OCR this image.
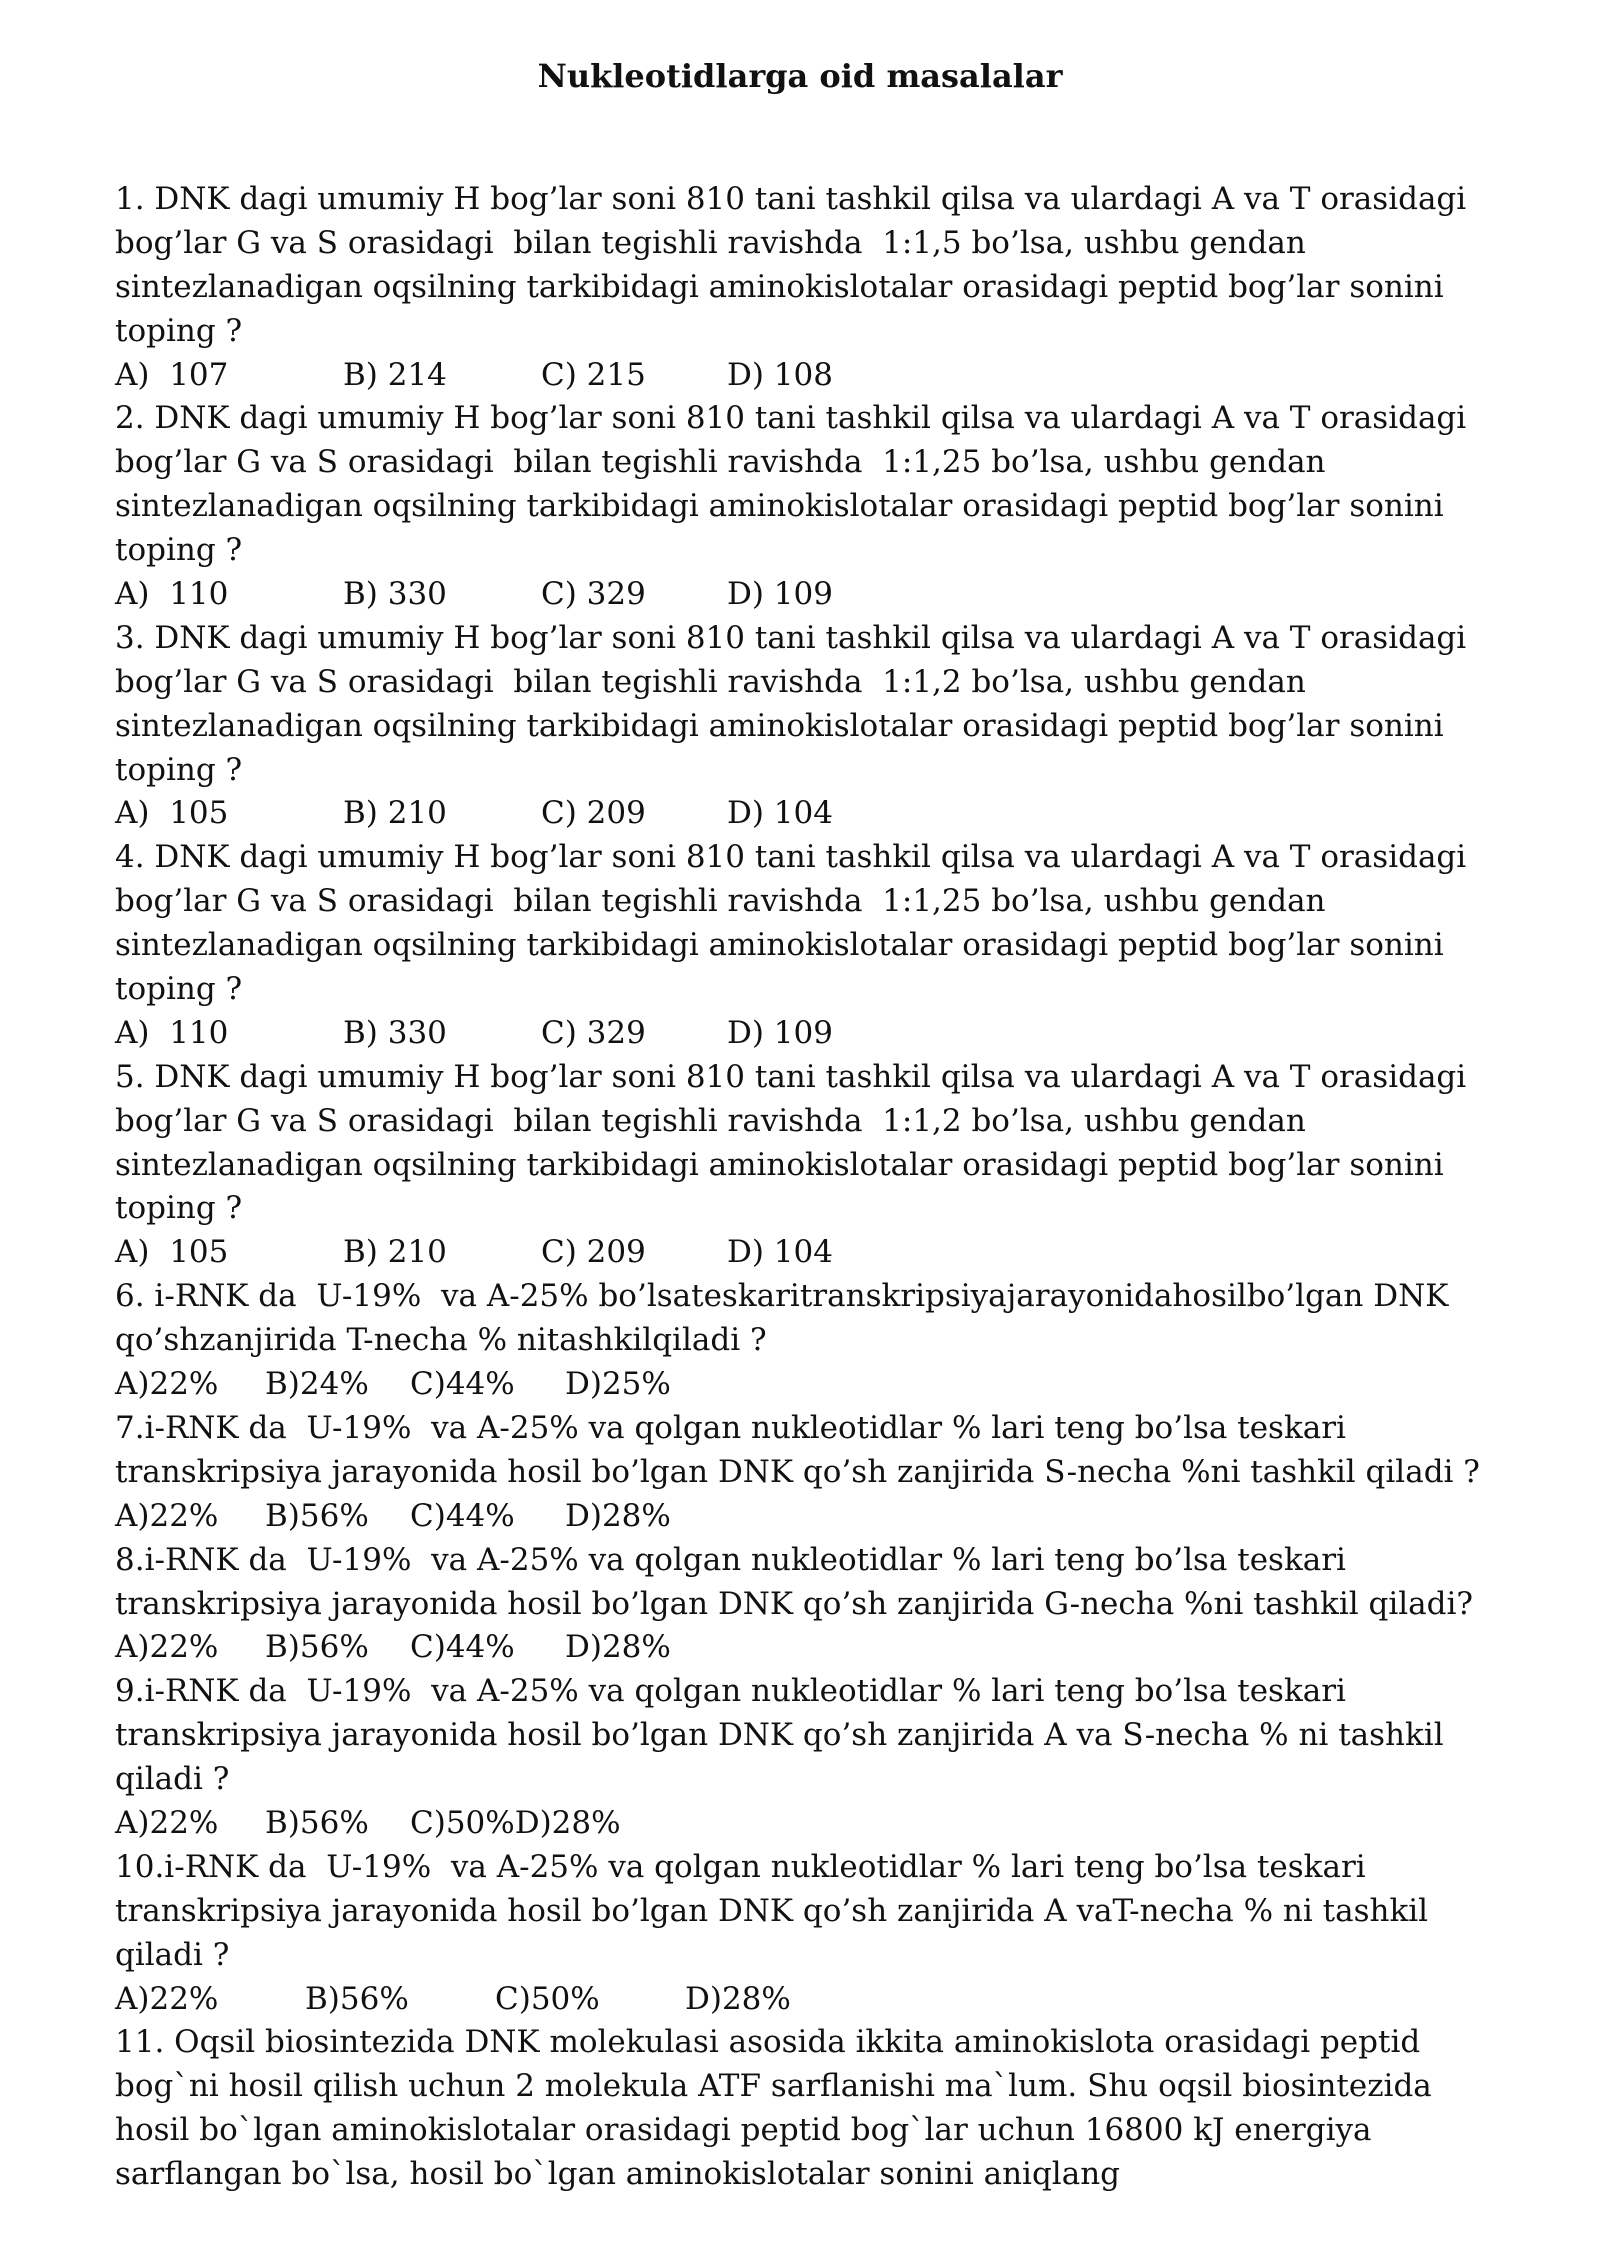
Nukleotidlarga oid masalalar
1. DNK dagi umumiy H bog’lar soni 810 tani tashkil qilsa va ulardagi A va T orasidagi
bog’lar G va S orasidagi  bilan tegishli ravishda  1:1,5 bo’lsa, ushbu gendan
sintezlanadigan oqsilning tarkibidagi aminokislotalar orasidagi peptid bog’lar sonini
toping ?
A)  107	B) 214	C) 215	D) 108
2. DNK dagi umumiy H bog’lar soni 810 tani tashkil qilsa va ulardagi A va T orasidagi
bog’lar G va S orasidagi  bilan tegishli ravishda  1:1,25 bo’lsa, ushbu gendan
sintezlanadigan oqsilning tarkibidagi aminokislotalar orasidagi peptid bog’lar sonini
toping ?
A)  110	B) 330	C) 329	D) 109
3. DNK dagi umumiy H bog’lar soni 810 tani tashkil qilsa va ulardagi A va T orasidagi
bog’lar G va S orasidagi  bilan tegishli ravishda  1:1,2 bo’lsa, ushbu gendan
sintezlanadigan oqsilning tarkibidagi aminokislotalar orasidagi peptid bog’lar sonini
toping ?
A)  105	B) 210	C) 209	D) 104
4. DNK dagi umumiy H bog’lar soni 810 tani tashkil qilsa va ulardagi A va T orasidagi
bog’lar G va S orasidagi  bilan tegishli ravishda  1:1,25 bo’lsa, ushbu gendan
sintezlanadigan oqsilning tarkibidagi aminokislotalar orasidagi peptid bog’lar sonini
toping ?
A)  110	B) 330	C) 329	D) 109
5. DNK dagi umumiy H bog’lar soni 810 tani tashkil qilsa va ulardagi A va T orasidagi
bog’lar G va S orasidagi  bilan tegishli ravishda  1:1,2 bo’lsa, ushbu gendan
sintezlanadigan oqsilning tarkibidagi aminokislotalar orasidagi peptid bog’lar sonini
toping ?
A)  105	B) 210	C) 209	D) 104
6. i-RNK da  U-19%  va A-25% bo’lsateskaritranskripsiyajarayonidahosilbo’lgan DNK
qo’shzanjirida T-necha % nitashkilqiladi ?
A)22%	B)24%	C)44%	D)25%
7.i-RNK da  U-19%  va A-25% va qolgan nukleotidlar % lari teng bo’lsa teskari
transkripsiya jarayonida hosil bo’lgan DNK qo’sh zanjirida S-necha %ni tashkil qiladi ?
A)22%	B)56%	C)44%	D)28%
8.i-RNK da  U-19%  va A-25% va qolgan nukleotidlar % lari teng bo’lsa teskari
transkripsiya jarayonida hosil bo’lgan DNK qo’sh zanjirida G-necha %ni tashkil qiladi?
A)22%	B)56%	C)44%	D)28%
9.i-RNK da  U-19%  va A-25% va qolgan nukleotidlar % lari teng bo’lsa teskari
transkripsiya jarayonida hosil bo’lgan DNK qo’sh zanjirida A va S-necha % ni tashkil
qiladi ?
A)22%	B)56%	C)50% D)28%
10.i-RNK da  U-19%  va A-25% va qolgan nukleotidlar % lari teng bo’lsa teskari
transkripsiya jarayonida hosil bo’lgan DNK qo’sh zanjirida A vaT-necha % ni tashkil
qiladi ?
A)22%	B)56%	C)50%	D)28%
11. Oqsil biosintezida DNK molekulasi asosida ikkita aminokislota orasidagi peptid
bog`ni hosil qilish uchun 2 molekula ATF sarflanishi ma`lum. Shu oqsil biosintezida
hosil bo`lgan aminokislotalar orasidagi peptid bog`lar uchun 16800 kJ energiya
sarflangan bo`lsa, hosil bo`lgan aminokislotalar sonini aniqlang
